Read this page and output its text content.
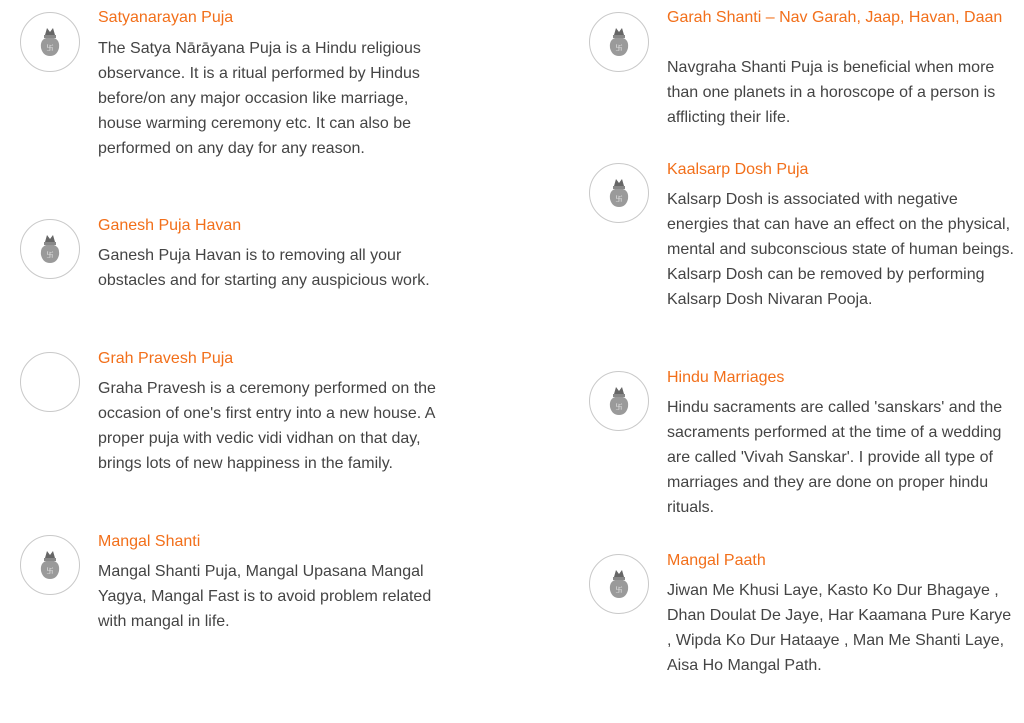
卐
Satyanarayan Puja

The Satya Nārāyana Puja is a Hindu religious observance. It is a ritual performed by Hindus before/on any major occasion like marriage, house warming ceremony etc. It can also be performed on any day for any reason.

卐
Ganesh Puja Havan

Ganesh Puja Havan is to removing all your obstacles and for starting any auspicious work.

Grah Pravesh Puja

Graha Pravesh is a ceremony performed on the occasion of one's first entry into a new house. A proper puja with vedic vidi vidhan on that day, brings lots of new happiness in the family.

卐
Mangal Shanti

Mangal Shanti Puja, Mangal Upasana Mangal Yagya, Mangal Fast is to avoid problem related with mangal in life.

卐
Garah Shanti – Nav Garah, Jaap, Havan, Daan

Navgraha Shanti Puja is beneficial when more than one planets in a horoscope of a person is afflicting their life.

卐
Kaalsarp Dosh Puja

Kalsarp Dosh is associated with negative energies that can have an effect on the physical, mental and subconscious state of human beings. Kalsarp Dosh can be removed by performing Kalsarp Dosh Nivaran Pooja.

卐
Hindu Marriages

Hindu sacraments are called 'sanskars' and the sacraments performed at the time of a wedding are called 'Vivah Sanskar'. I provide all type of marriages and they are done on proper hindu rituals.

卐
Mangal Paath

Jiwan Me Khusi Laye, Kasto Ko Dur Bhagaye , Dhan Doulat De Jaye, Har Kaamana Pure Karye , Wipda Ko Dur Hataaye , Man Me Shanti Laye, Aisa Ho Mangal Path.
